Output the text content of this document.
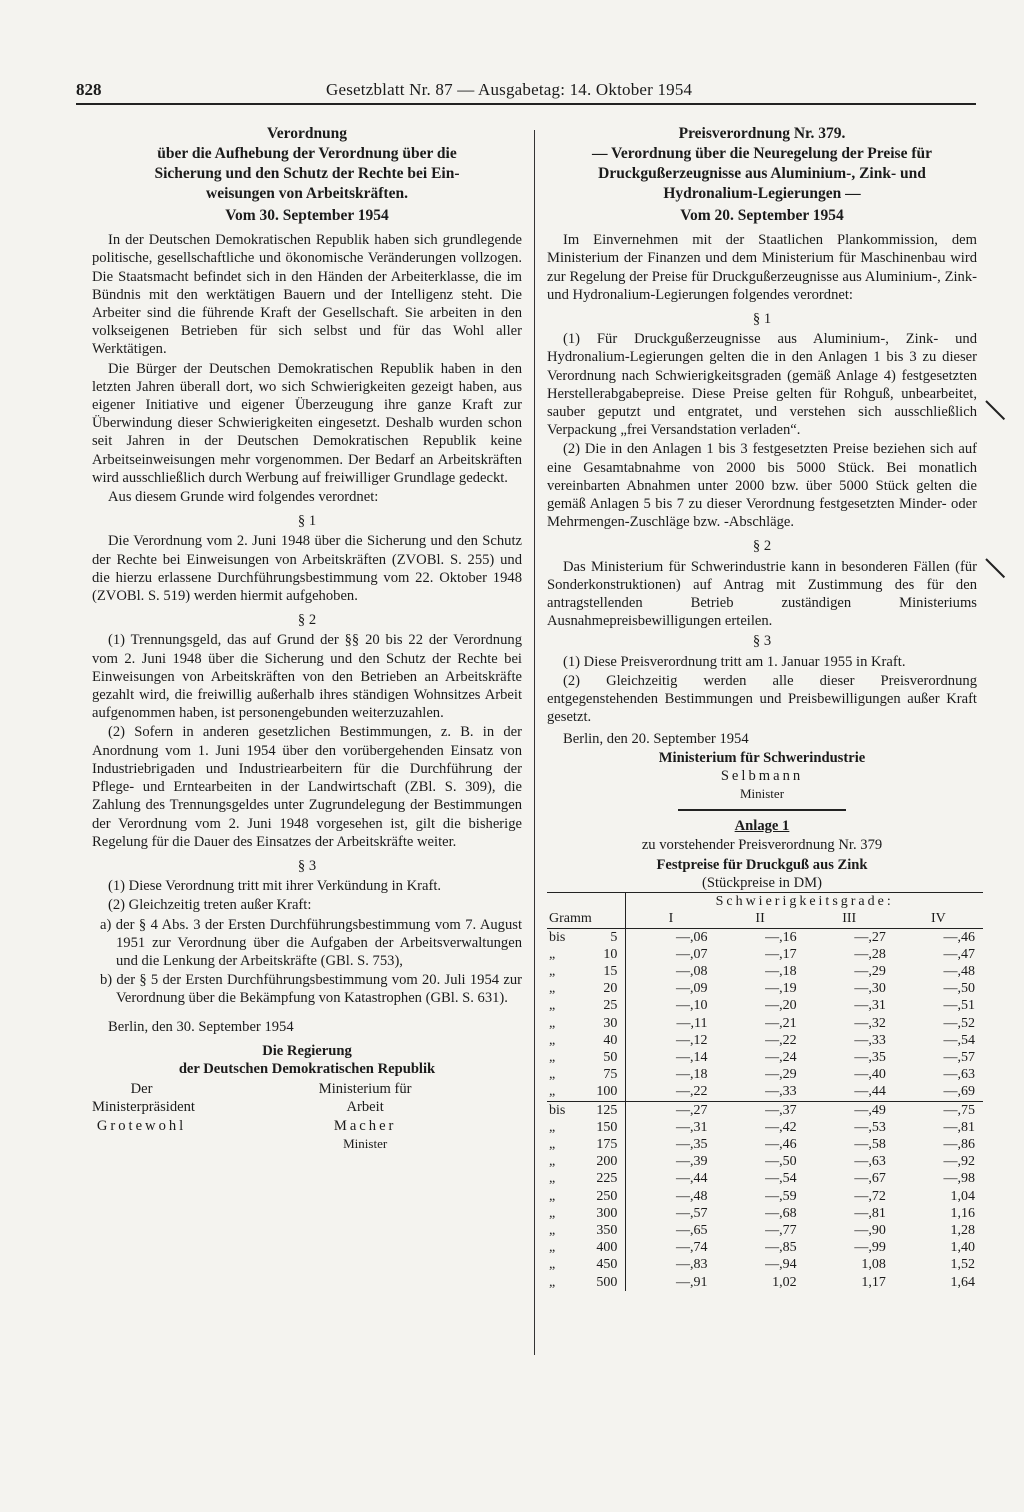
828	Gesetzblatt Nr. 87 — Ausgabetag: 14. Oktober 1954
Verordnung
über die Aufhebung der Verordnung über die
Sicherung und den Schutz der Rechte bei Ein-
weisungen von Arbeitskräften.
Vom 30. September 1954

In der Deutschen Demokratischen Republik haben sich grundlegende politische, gesellschaftliche und ökonomische Veränderungen vollzogen. Die Staatsmacht befindet sich in den Händen der Arbeiterklasse, die im Bündnis mit den werktätigen Bauern und der Intelligenz steht. Die Arbeiter sind die führende Kraft der Gesellschaft. Sie arbeiten in den volkseigenen Betrieben für sich selbst und für das Wohl aller Werktätigen.

Die Bürger der Deutschen Demokratischen Republik haben in den letzten Jahren überall dort, wo sich Schwierigkeiten gezeigt haben, aus eigener Initiative und eigener Überzeugung ihre ganze Kraft zur Überwindung dieser Schwierigkeiten eingesetzt. Deshalb wurden schon seit Jahren in der Deutschen Demokratischen Republik keine Arbeitseinweisungen mehr vorgenommen. Der Bedarf an Arbeitskräften wird ausschließlich durch Werbung auf freiwilliger Grundlage gedeckt.

Aus diesem Grunde wird folgendes verordnet:

§ 1

Die Verordnung vom 2. Juni 1948 über die Sicherung und den Schutz der Rechte bei Einweisungen von Arbeitskräften (ZVOBl. S. 255) und die hierzu erlassene Durchführungsbestimmung vom 22. Oktober 1948 (ZVOBl. S. 519) werden hiermit aufgehoben.

§ 2

(1) Trennungsgeld, das auf Grund der §§ 20 bis 22 der Verordnung vom 2. Juni 1948 über die Sicherung und den Schutz der Rechte bei Einweisungen von Arbeitskräften von den Betrieben an Arbeitskräfte gezahlt wird, die freiwillig außerhalb ihres ständigen Wohnsitzes Arbeit aufgenommen haben, ist personengebunden weiterzuzahlen.

(2) Sofern in anderen gesetzlichen Bestimmungen, z. B. in der Anordnung vom 1. Juni 1954 über den vorübergehenden Einsatz von Industriebrigaden und Industriearbeitern für die Durchführung der Pflege- und Erntearbeiten in der Landwirtschaft (ZBl. S. 309), die Zahlung des Trennungsgeldes unter Zugrundelegung der Bestimmungen der Verordnung vom 2. Juni 1948 vorgesehen ist, gilt die bisherige Regelung für die Dauer des Einsatzes der Arbeitskräfte weiter.

§ 3

(1) Diese Verordnung tritt mit ihrer Verkündung in Kraft.

(2) Gleichzeitig treten außer Kraft:

a) der § 4 Abs. 3 der Ersten Durchführungsbestimmung vom 7. August 1951 zur Verordnung über die Aufgaben der Arbeitsverwaltungen und die Lenkung der Arbeitskräfte (GBl. S. 753),

b) der § 5 der Ersten Durchführungsbestimmung vom 20. Juli 1954 zur Verordnung über die Bekämpfung von Katastrophen (GBl. S. 631).

Berlin, den 30. September 1954

Die Regierung
der Deutschen Demokratischen Republik
Der Ministerpräsident
Grotewohl
Ministerium für Arbeit
Macher
Minister
Preisverordnung Nr. 379.
— Verordnung über die Neuregelung der Preise für
Druckgußerzeugnisse aus Aluminium-, Zink- und
Hydronalium-Legierungen —
Vom 20. September 1954

Im Einvernehmen mit der Staatlichen Plankommission, dem Ministerium der Finanzen und dem Ministerium für Maschinenbau wird zur Regelung der Preise für Druckgußerzeugnisse aus Aluminium-, Zink- und Hydronalium-Legierungen folgendes verordnet:

§ 1

(1) Für Druckgußerzeugnisse aus Aluminium-, Zink- und Hydronalium-Legierungen gelten die in den Anlagen 1 bis 3 zu dieser Verordnung nach Schwierigkeitsgraden (gemäß Anlage 4) festgesetzten Herstellerabgabepreise. Diese Preise gelten für Rohguß, unbearbeitet, sauber geputzt und entgratet, und verstehen sich ausschließlich Verpackung „frei Versandstation verladen“.

(2) Die in den Anlagen 1 bis 3 festgesetzten Preise beziehen sich auf eine Gesamtabnahme von 2000 bis 5000 Stück. Bei monatlich vereinbarten Abnahmen unter 2000 bzw. über 5000 Stück gelten die gemäß Anlagen 5 bis 7 zu dieser Verordnung festgesetzten Minder- oder Mehrmengen-Zuschläge bzw. -Abschläge.

§ 2

Das Ministerium für Schwerindustrie kann in besonderen Fällen (für Sonderkonstruktionen) auf Antrag mit Zustimmung des für den antragstellenden Betrieb zuständigen Ministeriums Ausnahmepreisbewilligungen erteilen.

§ 3

(1) Diese Preisverordnung tritt am 1. Januar 1955 in Kraft.

(2) Gleichzeitig werden alle dieser Preisverordnung entgegenstehenden Bestimmungen und Preisbewilligungen außer Kraft gesetzt.

Berlin, den 20. September 1954

Ministerium für Schwerindustrie
Selbmann
Minister
Anlage 1
zu vorstehender Preisverordnung Nr. 379
Festpreise für Druckguß aus Zink
(Stückpreise in DM)
		Schwierigkeitsgrade:			
Gramm		I	II	III	IV
bis	5	—,06	—,16	—,27	—,46
„	10	—,07	—,17	—,28	—,47
„	15	—,08	—,18	—,29	—,48
„	20	—,09	—,19	—,30	—,50
„	25	—,10	—,20	—,31	—,51
„	30	—,11	—,21	—,32	—,52
„	40	—,12	—,22	—,33	—,54
„	50	—,14	—,24	—,35	—,57
„	75	—,18	—,29	—,40	—,63
„	100	—,22	—,33	—,44	—,69
bis	125	—,27	—,37	—,49	—,75
„	150	—,31	—,42	—,53	—,81
„	175	—,35	—,46	—,58	—,86
„	200	—,39	—,50	—,63	—,92
„	225	—,44	—,54	—,67	—,98
„	250	—,48	—,59	—,72	1,04
„	300	—,57	—,68	—,81	1,16
„	350	—,65	—,77	—,90	1,28
„	400	—,74	—,85	—,99	1,40
„	450	—,83	—,94	1,08	1,52
„	500	—,91	1,02	1,17	1,64
